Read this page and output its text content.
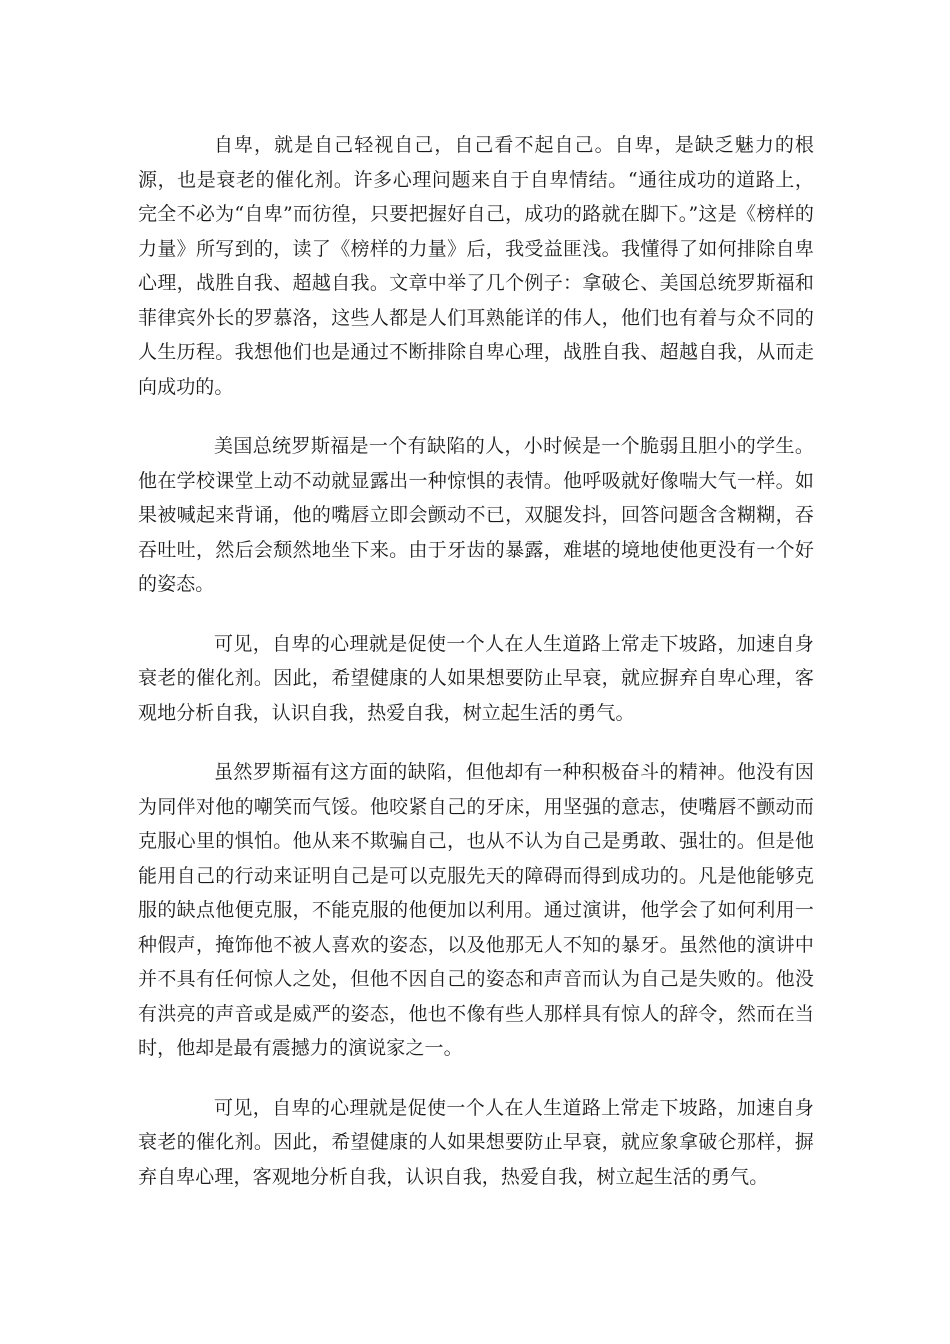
自卑，就是自己轻视自己，自己看不起自己。自卑，是缺乏魅力的根源，也是衰老的催化剂。许多心理问题来自于自卑情结。“通往成功的道路上，完全不必为“自卑”而彷徨，只要把握好自己，成功的路就在脚下。”这是《榜样的力量》所写到的，读了《榜样的力量》后，我受益匪浅。我懂得了如何排除自卑心理，战胜自我、超越自我。文章中举了几个例子：拿破仑、美国总统罗斯福和菲律宾外长的罗慕洛，这些人都是人们耳熟能详的伟人，他们也有着与众不同的人生历程。我想他们也是通过不断排除自卑心理，战胜自我、超越自我，从而走向成功的。

美国总统罗斯福是一个有缺陷的人，小时候是一个脆弱且胆小的学生。他在学校课堂上动不动就显露出一种惊惧的表情。他呼吸就好像喘大气一样。如果被喊起来背诵，他的嘴唇立即会颤动不已，双腿发抖，回答问题含含糊糊，吞吞吐吐，然后会颓然地坐下来。由于牙齿的暴露，难堪的境地使他更没有一个好的姿态。

可见，自卑的心理就是促使一个人在人生道路上常走下坡路，加速自身衰老的催化剂。因此，希望健康的人如果想要防止早衰，就应摒弃自卑心理，客观地分析自我，认识自我，热爱自我，树立起生活的勇气。

虽然罗斯福有这方面的缺陷，但他却有一种积极奋斗的精神。他没有因为同伴对他的嘲笑而气馁。他咬紧自己的牙床，用坚强的意志，使嘴唇不颤动而克服心里的惧怕。他从来不欺骗自己，也从不认为自己是勇敢、强壮的。但是他能用自己的行动来证明自己是可以克服先天的障碍而得到成功的。凡是他能够克服的缺点他便克服，不能克服的他便加以利用。通过演讲，他学会了如何利用一种假声，掩饰他不被人喜欢的姿态，以及他那无人不知的暴牙。虽然他的演讲中并不具有任何惊人之处，但他不因自己的姿态和声音而认为自己是失败的。他没有洪亮的声音或是威严的姿态，他也不像有些人那样具有惊人的辞令，然而在当时，他却是最有震撼力的演说家之一。

可见，自卑的心理就是促使一个人在人生道路上常走下坡路，加速自身衰老的催化剂。因此，希望健康的人如果想要防止早衰，就应象拿破仑那样，摒弃自卑心理，客观地分析自我，认识自我，热爱自我，树立起生活的勇气。
